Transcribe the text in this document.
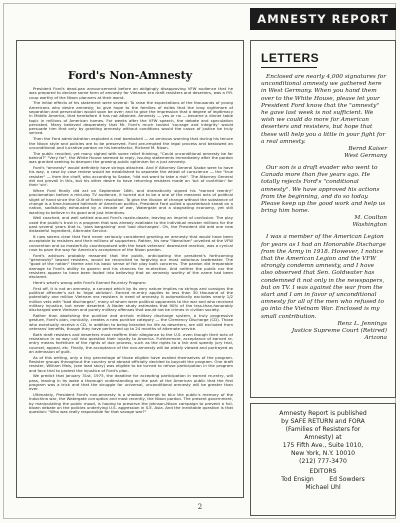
AMNESTY REPORT
Ford's Non-Amnesty

President Ford's dead-pan announcement before an obligingly disapproving VFW audience that he was prepared to declare some form of amnesty for Vietnam era draft resisters and deserters, was a P.R. coup worthy of the Nixon planners at their worst.

The initial effects of his statement were several: To raise the expectations of the thousands of young Americans who desire amnesty; to give hope to the families of exiles that the long nightmare of separation and persecution would soon be over; and to give the impression that a degree of legitimacy in Middle America, that heretofore it has not attained. Amnesty — yes or no — became a dinner table topic in millions of American homes. For weeks after the VFW speech, the debate and speculation persisted. Many believed desperately that Mr. Ford's much touted 'courage and integrity' would persuade him that only by granting amnesty without conditions would the cause of justice be truly served.

Then the Ford administration exploded a real bombshell — an ominous warning that during his tenure the Nixon style and policies are to be preserved. Ford pre-empted the legal process and bestowed an unconditional and lucrative pardon on his benefactor, Richard M. Nixon.

The public recoiled, yet many sighed with some relief thinking, "Could unconditional amnesty be far behind?" "Very far", the White House seemed to reply, issuing statements immediately after the pardon was granted seeking to dampen the growing public optimism for a just amnesty.

Ford's "amnesty" would definitely have strings attached. And if Attorney General Saxbe were to have his way, a case by case review would be established to separate the wheat of conscience — the "true resister" — from the chaff, who according to Saxbe, "did not want to take a risk". The Attorney General did not prevail in this, but his other desire to have returning resisters made an 'act of contrition' for their 'sin'.

When Ford finally did act on September 16th, and dramatically signed his "earned reentry" proclamation before a mid-day TV audience, it turned out to be a one of the meanest acts of political slight of hand since the Gulf of Tonkin resolution. To give the illusion of change without the substance of change is a time-honored hallmark of American politics. President Ford pulled a quarterback sneak on a nation, sadistically exhausted by a decade of war, Watergate and a stagnating economy, yet still wanting to believe in its good and just intentions.

Well coached, and well settled around Ford's razzle-dazzle, leaving an imprint of confusion. The play used the public's trust in a program that was already available to the individual resister millions for the past several years that is, 'plea bargaining' and 'bad discharges'. Oh, the President did add one new distasteful ingredient, Alternate Service.

It now seems clear that Ford never seriously considered granting an amnesty that would have been acceptable to resisters and their millions of supporters. Rather, his new "liberalism" unveiled at the VFW convention and so masterfully counterpoised with the hawk veterans' downsized reaction, was a cynical ruse to pave the way for America's acceptance of the Nixon pardon.

Ford's advisors probably reasoned that the public, anticipating the president's forthcoming "generosity" toward resisters, would be reconciled to forgiving our most notorious lawbreaker. The "good of the nation" theme and his basic sense of fair play both concerns. The pardon did irreparable damage to Ford's ability to govern and his chances for re-election. And neither the public nor the resisters appear to have been fooled into believing that an amnesty worthy of the name had been declared.

Here's what's wrong with Ford's Earned Re-entry Program:

First off, it is not an amnesty, a concept which by its very nature implies no strings and consigns the political offender's act to 'legal oblivion'. Earned re-entry applies to less than 30 thousand of the potentially one million Vietnam era resisters in need of amnesty. It automatically excludes nearly 1/2 million vets with "bad discharges", many of whom were political opponents to the war and who received military injustice, but never deserted. A Nader study estimates that 90% of the less-than-honorably discharged were Vietnam and purely military offenses that would not be crimes in civilian society.

Rather than abolishing the punitive and archaic military discharge system, a truly progressive gesture, Ford's plan, ironically, creates a new punitive category — the Clemency Discharge (CD). Those who eventually receive a CD, in addition to being branded for life as deserters, are still excluded from veterans' benefits, though they have performed up to 24 months of alternate service.

Both draft resisters and deserters must reaffirm their allegiance to the U.S. even though their acts of resistance in no way call into question their loyalty to America. Furthermore, acceptance of earned re-entry means forfeiture of the rights of due process, such as the rights to a fair and speedy jury trial, counsel, appeal, etc. Finally, the acceptance of the non-amnesty will be widely viewed and portrayed as an admission of guilt.

As of this writing, only a tiny percentage of those eligible have availed themselves of the program. Resister groups throughout the country and abroad officially decided to boycott the program. One draft resister, William Meis, (see lead story) was eligible to be turned to refuse participation in the program and face trial to protest the injustice of Ford's plan.

We predict that January 31st, 1975, the deadline for accepting participation in earned re-entry, will pass, leaving in its wake a thorough understanding on the part of the American public that the first program was a trick and that the struggle for universal, unconditional amnesty will be greater than ever.

Ultimately, President Ford's non-amnesty is a shadow attempt to blur the public's memory of the Indochina war, the Watergate corruption and most recently, the Nixon pardon. The present government, by manipulating the public mood, is hoping to preserve the Johnson-Nixon campaign to prevent a full-blown debate on the policies underlying U.S. aggression in S.E. Asia. And the inevitable question is that question: "Who was really responsible for that savage war?"

LETTERS
Enclosed are nearly 4,000 signatures for unconditional amnesty we gathered here in West Germany. When you hand them over to the White House, please let your President Ford know that the "amnesty" he gave last week is not sufficient. We wish we could do more for American deserters and resisters, but hope that these will help you a little in your fight for a real amnesty.
Bernd Kaiser
West Germany
Our son is a draft evader who went to Canada more than five years ago. He totally rejects Ford's "conditional amnesty". We have approved his actions from the beginning, and do so today. Please keep up the good work and help us bring him home.
M. Coulton
Washington
I was a member of the American Legion for years as I had an Honorable Discharge from the Army in 1918. However, I notice that the American Legion and the VFW strongly condemn amnesty, and I have also observed that Sen. Goldwater has condemned it not only in the newspapers, but on TV. I was against the war from the start and I am in favor of unconditional amnesty for all of the men who refused to go into the Vietnam War. Enclosed is my small contribution.
Renz L. Jennings
Justice Supreme Court (Retired)
Arizona
Amnesty Report is published
by SAFE RETURN and FORA
(Families of Resisters for
Amnesty) at
175 Fifth Ave., Suite 1010,
New York, N.Y. 10010
(212) 777-3470
EDITORS
Tod Ensign        Ed Sowders
Michael Uhl
2
